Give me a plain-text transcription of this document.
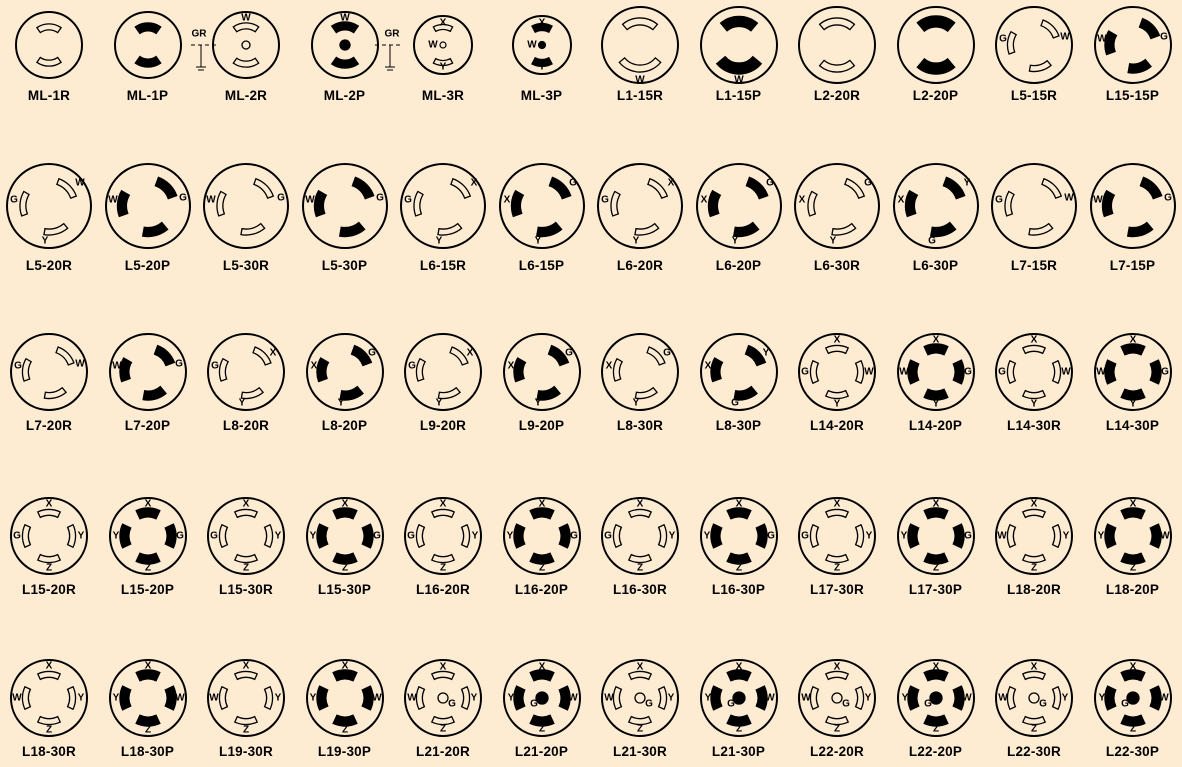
ML-1R	ML-1P
W
GR
ML-2R
W
GR
ML-2P
X
W
Y
ML-3R
X
W
Y
ML-3P
W
L1-15R
W
L1-15P	L2-20R	L2-20P
G	W
L5-15R
W	G
L15-15P
G
W
Y
L5-20R
W	G
L5-20P
W	G
L5-30R
W	G
L5-30P
G
X
Y
L6-15R
X
G
Y
L6-15P
G
X
Y
L6-20R
X
G
Y
L6-20P
X
G
Y
L6-30R
X
Y
G
L6-30P
G	W
L7-15R
W	G
L7-15P
G	W
L7-20R
W	G
L7-20P
G
X
Y
L8-20R
X
G
Y
L8-20P
G
X
Y
L9-20R
X
G
Y
L9-20P
X
G
Y
L8-30R
X
Y
G
L8-30P
X
G	W
Y
L14-20R
X
W	G
Y
L14-20P
X
G	W
Y
L14-30R
X
W	G
Y
L14-30P
X
G	Y
Z
L15-20R
X
Y	G
Z
L15-20P
X
G	Y
Z
L15-30R
X
Y	G
Z
L15-30P
X
G	Y
Z
L16-20R
X
Y	G
Z
L16-20P
X
G	Y
Z
L16-30R
X
Y	G
Z
L16-30P
X
G	Y
Z
L17-30R
X
Y	G
Z
L17-30P
X
W	Y
Z
L18-20R
X
Y	W
Z
L18-20P
X
W	Y
Z
L18-30R
X
Y	W
Z
L18-30P
X
W	Y
Z
L19-30R
X
Y	W
Z
L19-30P
X
W
G
Y
Z
L21-20R
X
Y
G
W
Z
L21-20P
X
W
G
Y
Z
L21-30R
X
Y
G
W
Z
L21-30P
X
W
G
Y
Z
L22-20R
X
Y
G
W
Z
L22-20P
X
W
G
Y
Z
L22-30R
X
Y
G
W
Z
L22-30P
